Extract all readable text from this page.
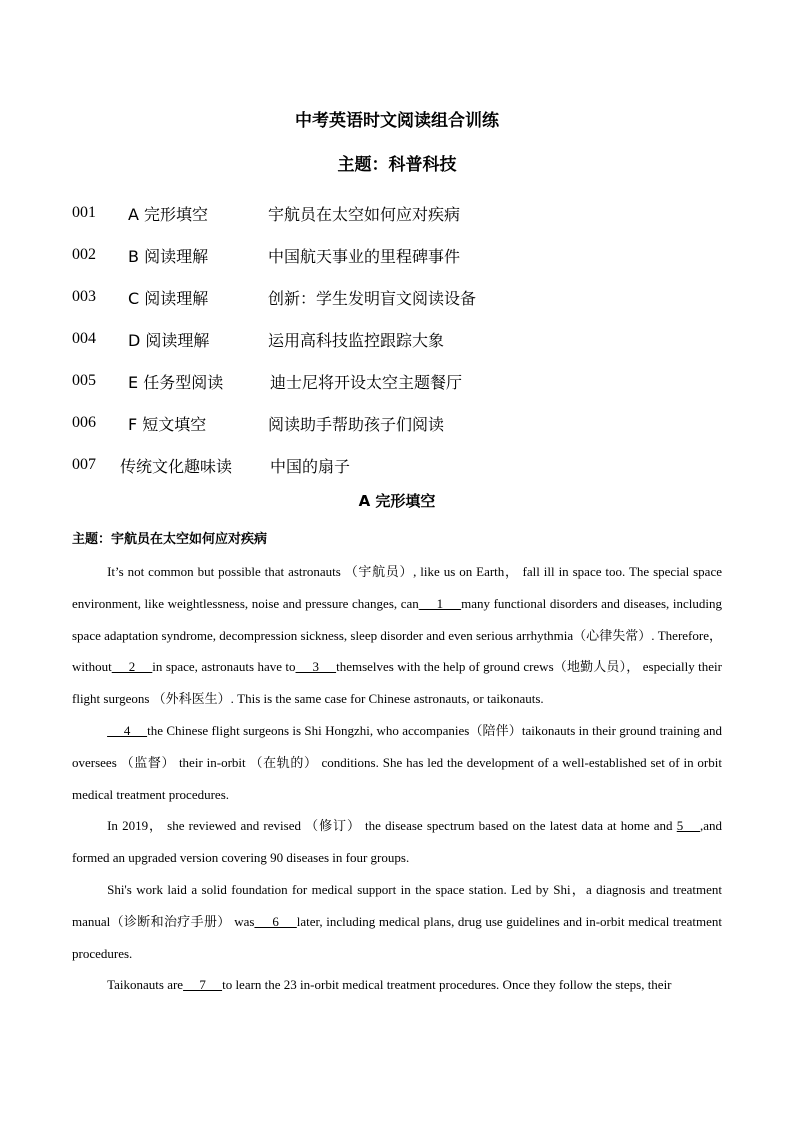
中考英语时文阅读组合训练
主题：科普科技
001	A 完形填空	宇航员在太空如何应对疾病
002	B 阅读理解	中国航天事业的里程碑事件
003	C 阅读理解	创新：学生发明盲文阅读设备
004	D 阅读理解	运用高科技监控跟踪大象
005	E 任务型阅读	迪士尼将开设太空主题餐厅
006	F 短文填空	阅读助手帮助孩子们阅读
007	传统文化趣味读	中国的扇子
A 完形填空
主题：宇航员在太空如何应对疾病

It’s not common but possible that astronauts （宇航员）, like us on Earth， fall ill in space too. The special space environment, like weightlessness, noise and pressure changes, can     1     many functional disorders and diseases, including space adaptation syndrome, decompression sickness, sleep disorder and even serious arrhythmia（心律失常）. Therefore，without     2     in space, astronauts have to     3     themselves with the help of ground crews（地勤人员）， especially their flight surgeons （外科医生）. This is the same case for Chinese astronauts, or taikonauts.

4     the Chinese flight surgeons is Shi Hongzhi, who accompanies（陪伴）taikonauts in their ground training and oversees （监督） their in-orbit （在轨的） conditions. She has led the development of a well-established set of in orbit medical treatment procedures.

In 2019， she reviewed and revised （修订） the disease spectrum based on the latest data at home and 5    ,and formed an upgraded version covering 90 diseases in four groups.

Shi's work laid a solid foundation for medical support in the space station. Led by Shi，a diagnosis and treatment manual（诊断和治疗手册） was     6     later, including medical plans, drug use guidelines and in-orbit medical treatment procedures.

Taikonauts are     7     to learn the 23 in-orbit medical treatment procedures. Once they follow the steps, their
